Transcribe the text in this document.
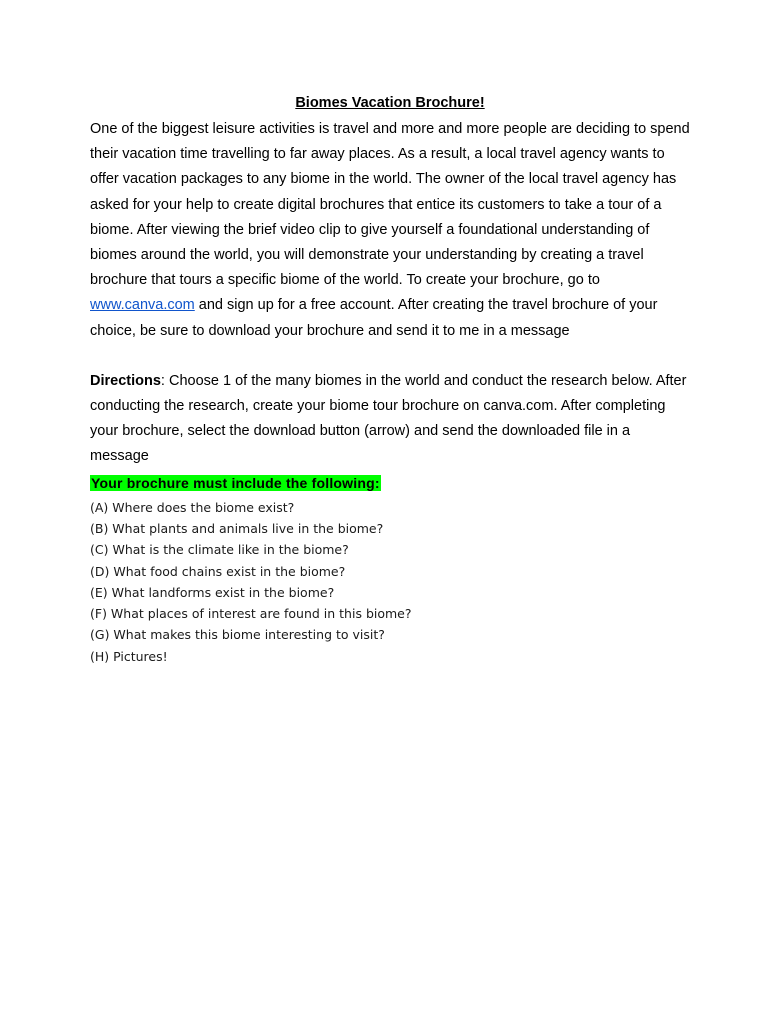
Biomes Vacation Brochure!

One of the biggest leisure activities is travel and more and more people are deciding to spend their vacation time travelling to far away places. As a result, a local travel agency wants to offer vacation packages to any biome in the world. The owner of the local travel agency has asked for your help to create digital brochures that entice its customers to take a tour of a biome. After viewing the brief video clip to give yourself a foundational understanding of biomes around the world, you will demonstrate your understanding by creating a travel brochure that tours a specific biome of the world. To create your brochure, go to www.canva.com and sign up for a free account. After creating the travel brochure of your choice, be sure to download your brochure and send it to me in a message

Directions: Choose 1 of the many biomes in the world and conduct the research below. After conducting the research, create your biome tour brochure on canva.com. After completing your brochure, select the download button (arrow) and send the downloaded file in a message

Your brochure must include the following:
(A) Where does the biome exist?
(B) What plants and animals live in the biome?
(C) What is the climate like in the biome?
(D) What food chains exist in the biome?
(E) What landforms exist in the biome?
(F) What places of interest are found in this biome?
(G) What makes this biome interesting to visit?
(H) Pictures!
